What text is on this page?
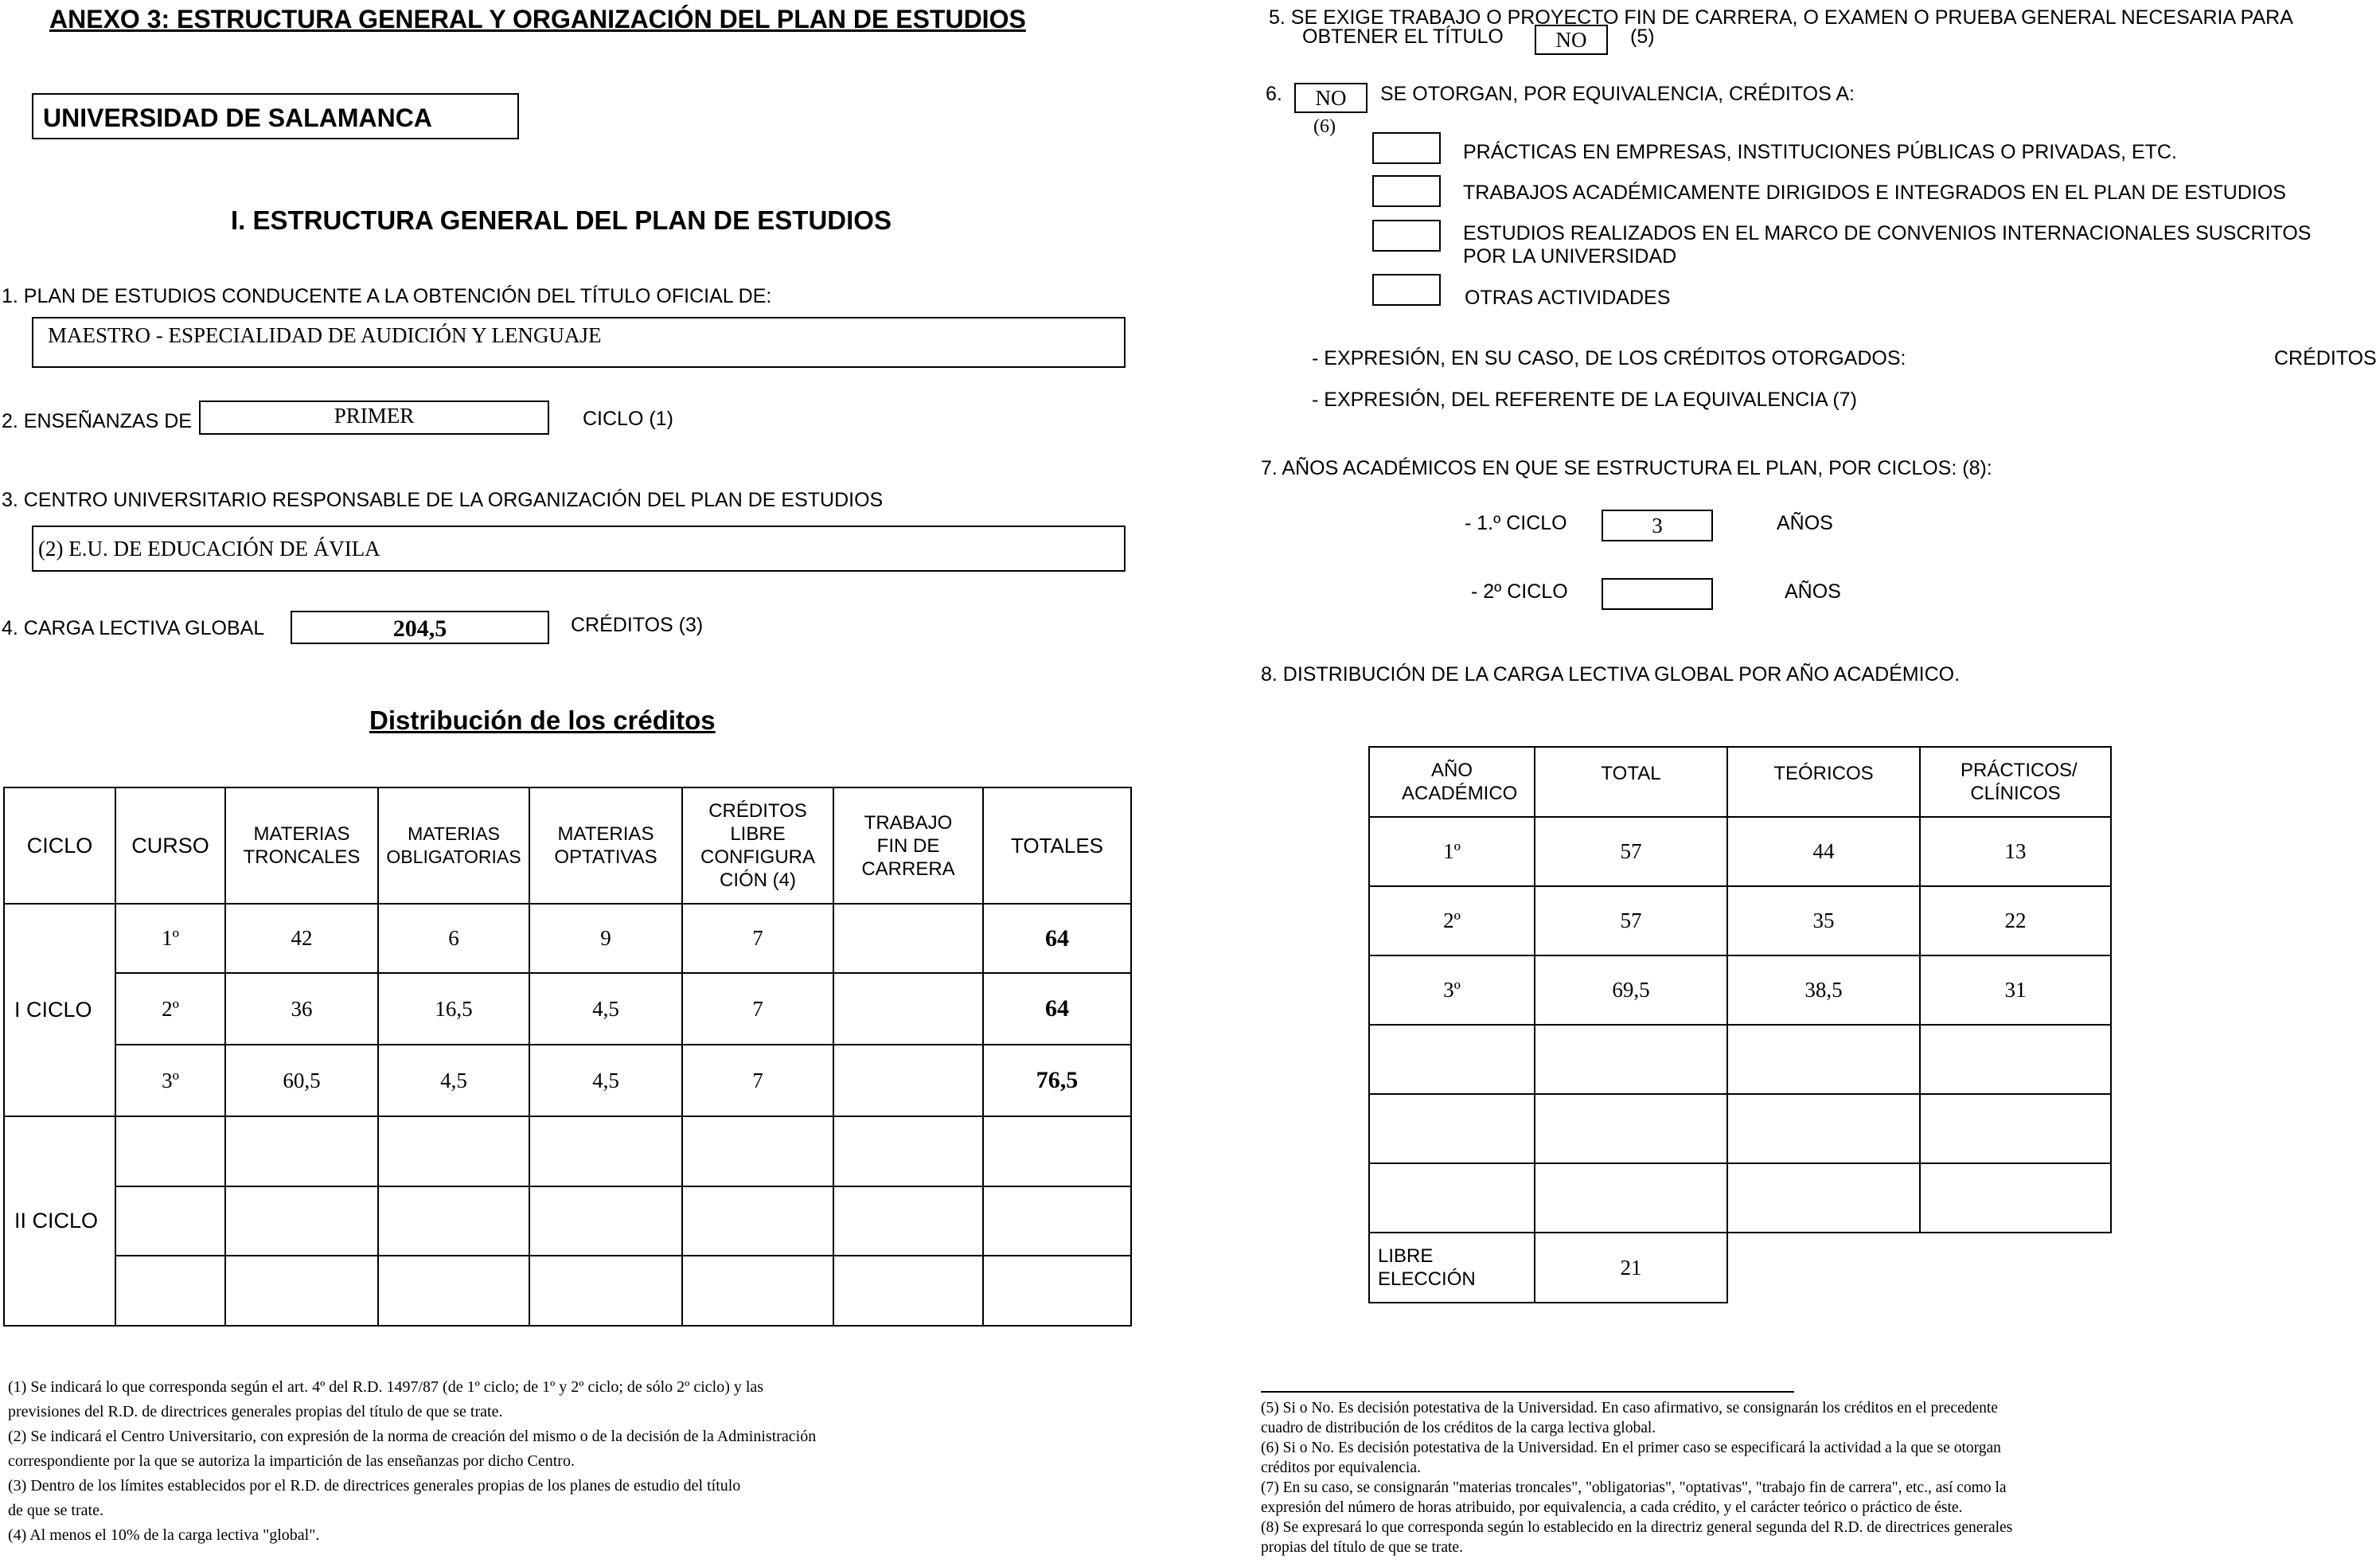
ANEXO 3: ESTRUCTURA GENERAL Y ORGANIZACIÓN DEL PLAN DE ESTUDIOS
UNIVERSIDAD DE SALAMANCA
I. ESTRUCTURA GENERAL DEL PLAN DE ESTUDIOS
1. PLAN DE ESTUDIOS CONDUCENTE A LA OBTENCIÓN DEL TÍTULO OFICIAL DE:
MAESTRO - ESPECIALIDAD DE AUDICIÓN Y LENGUAJE
2. ENSEÑANZAS DE	PRIMER	CICLO (1)
3. CENTRO UNIVERSITARIO RESPONSABLE DE LA ORGANIZACIÓN DEL PLAN DE ESTUDIOS
(2) E.U. DE EDUCACIÓN DE ÁVILA
4. CARGA LECTIVA GLOBAL	204,5	CRÉDITOS (3)
Distribución de los créditos
CICLO	CURSO	MATERIAS TRONCALES	MATERIAS OBLIGATORIAS	MATERIAS OPTATIVAS	CRÉDITOS LIBRE CONFIGURA CIÓN (4)	TRABAJO FIN DE CARRERA	TOTALES
I CICLO	1º	42	6	9	7		64
	2º	36	16,5	4,5	7		64
	3º	60,5	4,5	4,5	7		76,5
II CICLO							

(1) Se indicará lo que corresponda según el art. 4º del R.D. 1497/87 (de 1º ciclo; de 1º y 2º ciclo; de sólo 2º ciclo) y las
previsiones del R.D. de directrices generales propias del título de que se trate.
(2) Se indicará el Centro Universitario, con expresión de la norma de creación del mismo o de la decisión de la Administración
correspondiente por la que se autoriza la impartición de las enseñanzas por dicho Centro.
(3) Dentro de los límites establecidos por el R.D. de directrices generales propias de los planes de estudio del título
de que se trate.
(4) Al menos el 10% de la carga lectiva "global".
5. SE EXIGE TRABAJO O PROYECTO FIN DE CARRERA, O EXAMEN O PRUEBA GENERAL NECESARIA PARA
OBTENER EL TÍTULO	NO	(5)
6.	NO	SE OTORGAN, POR EQUIVALENCIA, CRÉDITOS A:
(6)
PRÁCTICAS EN EMPRESAS, INSTITUCIONES PÚBLICAS O PRIVADAS, ETC.
TRABAJOS ACADÉMICAMENTE DIRIGIDOS E INTEGRADOS EN EL PLAN DE ESTUDIOS
ESTUDIOS REALIZADOS EN EL MARCO DE CONVENIOS INTERNACIONALES SUSCRITOS
POR LA UNIVERSIDAD
OTRAS ACTIVIDADES
- EXPRESIÓN, EN SU CASO, DE LOS CRÉDITOS OTORGADOS:	CRÉDITOS
- EXPRESIÓN, DEL REFERENTE DE LA EQUIVALENCIA (7)
7. AÑOS ACADÉMICOS EN QUE SE ESTRUCTURA EL PLAN, POR CICLOS: (8):
- 1.º CICLO	3	AÑOS
- 2º CICLO	AÑOS
8. DISTRIBUCIÓN DE LA CARGA LECTIVA GLOBAL POR AÑO ACADÉMICO.
AÑO ACADÉMICO	TOTAL	TEÓRICOS	PRÁCTICOS/ CLÍNICOS
1º	57	44	13
2º	57	35	22
3º	69,5	38,5	31

LIBRE ELECCIÓN	21		
(5) Si o No. Es decisión potestativa de la Universidad. En caso afirmativo, se consignarán los créditos en el precedente
cuadro de distribución de los créditos de la carga lectiva global.
(6) Si o No. Es decisión potestativa de la Universidad. En el primer caso se especificará la actividad a la que se otorgan
créditos por equivalencia.
(7) En su caso, se consignarán "materias troncales", "obligatorias", "optativas", "trabajo fin de carrera", etc., así como la
expresión del número de horas atribuido, por equivalencia, a cada crédito, y el carácter teórico o práctico de éste.
(8) Se expresará lo que corresponda según lo establecido en la directriz general segunda del R.D. de directrices generales
propias del título de que se trate.
